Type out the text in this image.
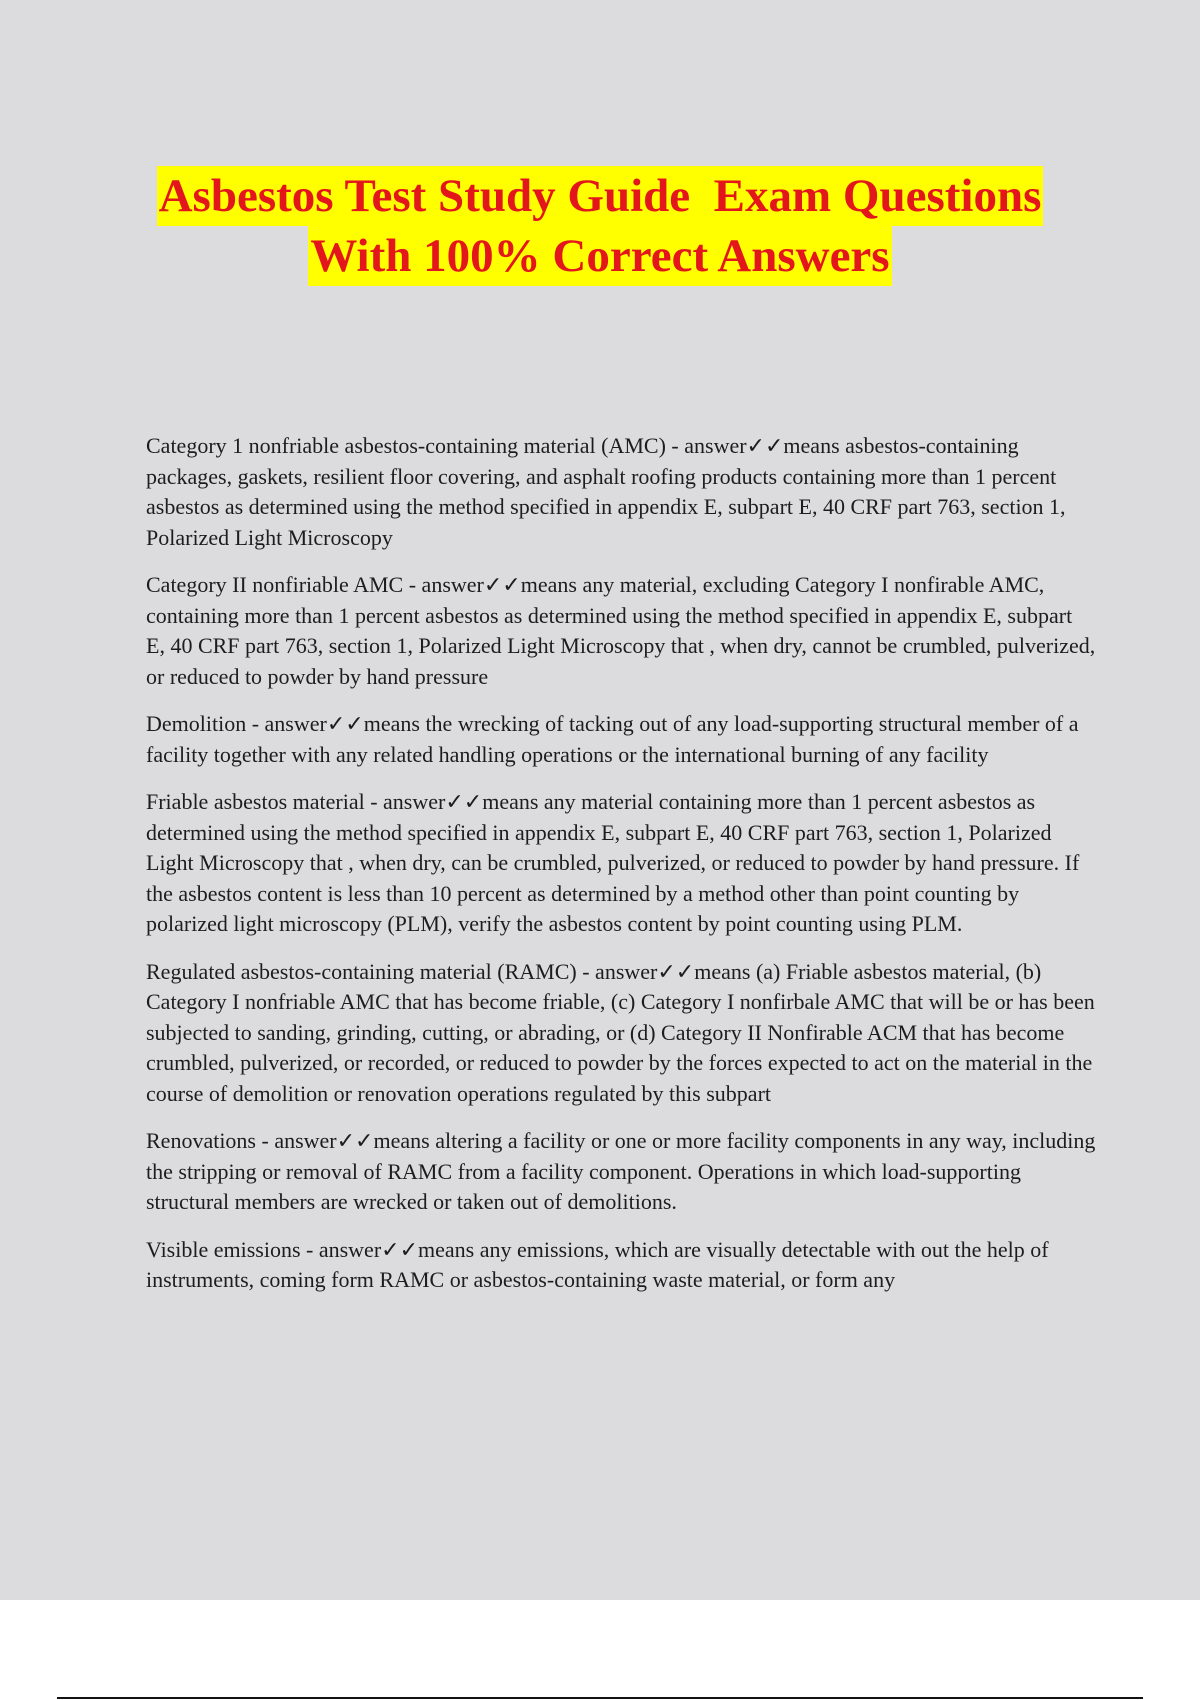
Asbestos Test Study Guide  Exam Questions
With 100% Correct Answers

Category 1 nonfriable asbestos-containing material (AMC) - answer✓✓means asbestos-containing packages, gaskets, resilient floor covering, and asphalt roofing products containing more than 1 percent asbestos as determined using the method specified in appendix E, subpart E, 40 CRF part 763, section 1, Polarized Light Microscopy

Category II nonfiriable AMC - answer✓✓means any material, excluding Category I nonfirable AMC, containing more than 1 percent asbestos as determined using the method specified in appendix E, subpart E, 40 CRF part 763, section 1, Polarized Light Microscopy that , when dry, cannot be crumbled, pulverized, or reduced to powder by hand pressure

Demolition - answer✓✓means the wrecking of tacking out of any load-supporting structural member of a facility together with any related handling operations or the international burning of any facility

Friable asbestos material - answer✓✓means any material containing more than 1 percent asbestos as determined using the method specified in appendix E, subpart E, 40 CRF part 763, section 1, Polarized Light Microscopy that , when dry, can be crumbled, pulverized, or reduced to powder by hand pressure. If the asbestos content is less than 10 percent as determined by a method other than point counting by polarized light microscopy (PLM), verify the asbestos content by point counting using PLM.

Regulated asbestos-containing material (RAMC) - answer✓✓means (a) Friable asbestos material, (b) Category I nonfriable AMC that has become friable, (c) Category I nonfirbale AMC that will be or has been subjected to sanding, grinding, cutting, or abrading, or (d) Category II Nonfirable ACM that has become crumbled, pulverized, or recorded, or reduced to powder by the forces expected to act on the material in the course of demolition or renovation operations regulated by this subpart

Renovations - answer✓✓means altering a facility or one or more facility components in any way, including the stripping or removal of RAMC from a facility component. Operations in which load-supporting structural members are wrecked or taken out of demolitions.

Visible emissions - answer✓✓means any emissions, which are visually detectable with out the help of instruments, coming form RAMC or asbestos-containing waste material, or form any
